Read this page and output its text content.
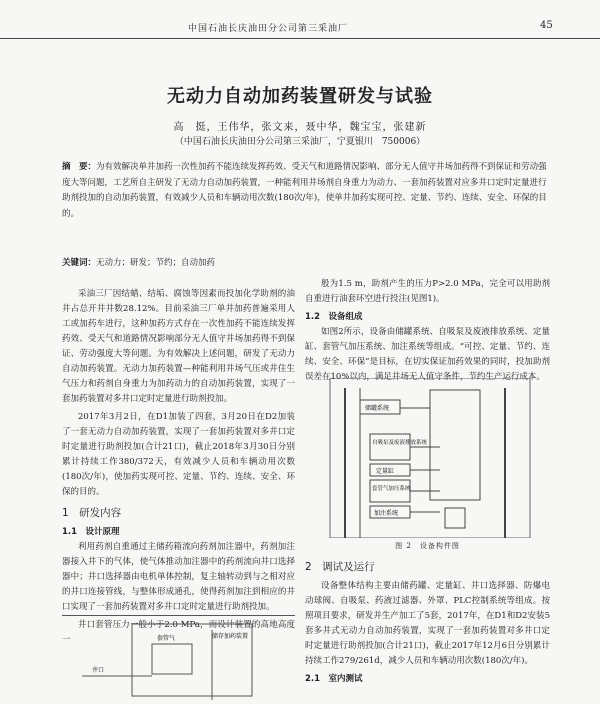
中国石油长庆油田分公司第三采油厂	45
无动力自动加药装置研发与试验
高　挺，王伟华，张文来，聂中华，魏宝宝，张建新
（中国石油长庆油田分公司第三采油厂，宁夏银川　750006）
摘　要：为有效解决单井加药一次性加药不能连续发挥药效、受天气和道路情况影响、部分无人值守井场加药得不到保证和劳动强度大等问题，工艺所自主研发了无动力自动加药装置，一种能利用井场剂自身重力为动力、一套加药装置对应多井口定时定量进行助剂投加的自动加药装置，有效减少人员和车辆动用次数(180次/年)，使单井加药实现可控、定量、节约、连续、安全、环保的目的。
关键词：无动力；研发；节约；自动加药

采油三厂因结蜡、结垢、腐蚀等因素而投加化学助剂的油井占总开井井数28.12%。目前采油三厂单井加药普遍采用人工或加药车进行，这种加药方式存在一次性加药不能连续发挥药效、受天气和道路情况影响部分无人值守井场加药得不到保证、劳动强度大等问题。为有效解决上述问题，研发了无动力自动加药装置。无动力加药装置—种能利用井场气压或井住生气压力和药剂自身重力为加药动力的自动加药装置，实现了一套加药装置对多井口定时定量进行助剂投加。

2017年3月2日，在D1加装了四套，3月20日在D2加装了一套无动力自动加药装置，实现了一套加药装置对多井口定时定量进行助剂投加(合计21口)，截止2018年3月30日分别累计持续工作380/372天，有效减少人员和车辆动用次数(180次/年)，使加药实现可控、定量、节约、连续、安全、环保的目的。

1　研发内容
1.1　设计原理

利用药剂自重通过主储药箱流向药剂加注器中，药剂加注器接入井下的气体，使气体推动加注器中的药剂流向井口选择器中；井口选择器由电机单体控制，复主轴转动到与之相对应的井口连接管线，与整体形成通孔，使得药剂加注到相应的井口实现了一套加药装置对多井口定时定量进行助剂投加。

井口套管压力一般小于2.0 MPa，而设计装置的高地高度一	储存加药装置
套管气
井口

般为1.5 m，助剂产生的压力P>2.0 MPa，完全可以用助剂自重进行油套环空进行投注(见图1)。

1.2　设备组成

如图2所示，设备由储罐系统、自吸泵及废液排放系统、定量缸、套管气加压系统、加注系统等组成。“可控、定量、节约、连续、安全、环保”是目标，在切实保证加药效果的同时，投加助剂误差在10%以内，满足井场无人值守条件，节约生产运行成本。

储罐系统
自吸泵及废液排放系统
定量缸
套管气加压系统
加注系统
图 2　设备构件图
2　调试及运行

设备整体结构主要由储药罐、定量缸、井口选择器、防爆电动球阀、自吸泵、药液过滤器、外罩、PLC控制系统等组成。按照项目要求，研发并生产加工了5套，2017年，在D1和D2安装5套多井式无动力自动加药装置，实现了一套加药装置对多井口定时定量进行助剂投加(合计21口)，截止2017年12月6日分别累计持续工作279/261d，减少人员和车辆动用次数(180次/年)。

2.1　室内测试
